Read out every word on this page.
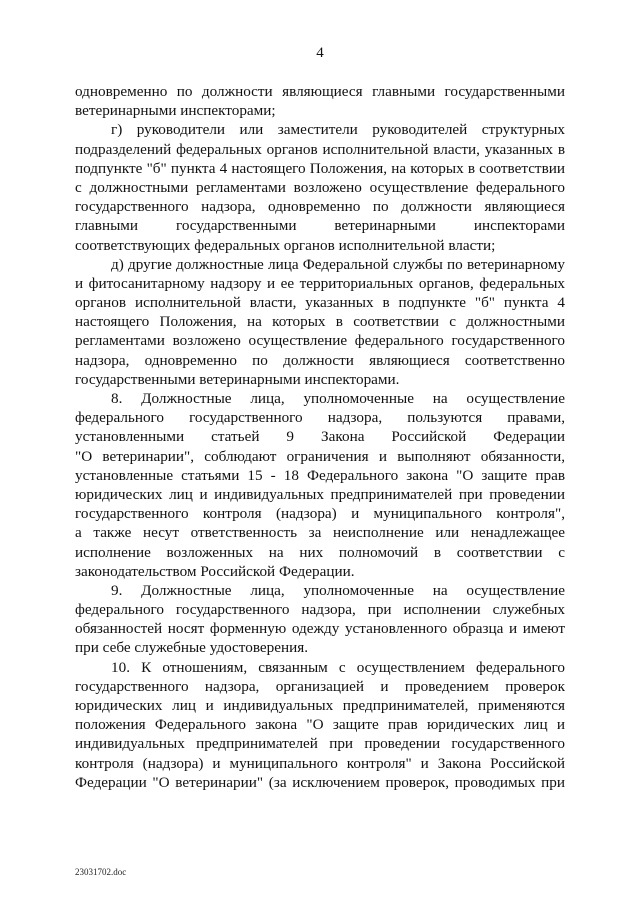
4
одновременно по должности являющиеся главными государственными
ветеринарными инспекторами;
г) руководители или заместители руководителей структурных
подразделений федеральных органов исполнительной власти, указанных в
подпункте "б" пункта 4 настоящего Положения, на которых в соответствии
с должностными регламентами возложено осуществление федерального
государственного надзора, одновременно по должности являющиеся
главными государственными ветеринарными инспекторами
соответствующих федеральных органов исполнительной власти;
д) другие должностные лица Федеральной службы по ветеринарному
и фитосанитарному надзору и ее территориальных органов, федеральных
органов исполнительной власти, указанных в подпункте "б" пункта 4
настоящего Положения, на которых в соответствии с должностными
регламентами возложено осуществление федерального государственного
надзора, одновременно по должности являющиеся соответственно
государственными ветеринарными инспекторами.
8. Должностные лица, уполномоченные на осуществление
федерального государственного надзора, пользуются правами,
установленными статьей 9 Закона Российской Федерации
"О ветеринарии", соблюдают ограничения и выполняют обязанности,
установленные статьями 15 - 18 Федерального закона "О защите прав
юридических лиц и индивидуальных предпринимателей при проведении
государственного контроля (надзора) и муниципального контроля",
а также несут ответственность за неисполнение или ненадлежащее
исполнение возложенных на них полномочий в соответствии с
законодательством Российской Федерации.
9. Должностные лица, уполномоченные на осуществление
федерального государственного надзора, при исполнении служебных
обязанностей носят форменную одежду установленного образца и имеют
при себе служебные удостоверения.
10. К отношениям, связанным с осуществлением федерального
государственного надзора, организацией и проведением проверок
юридических лиц и индивидуальных предпринимателей, применяются
положения Федерального закона "О защите прав юридических лиц и
индивидуальных предпринимателей при проведении государственного
контроля (надзора) и муниципального контроля" и Закона Российской
Федерации "О ветеринарии" (за исключением проверок, проводимых при
23031702.doc
